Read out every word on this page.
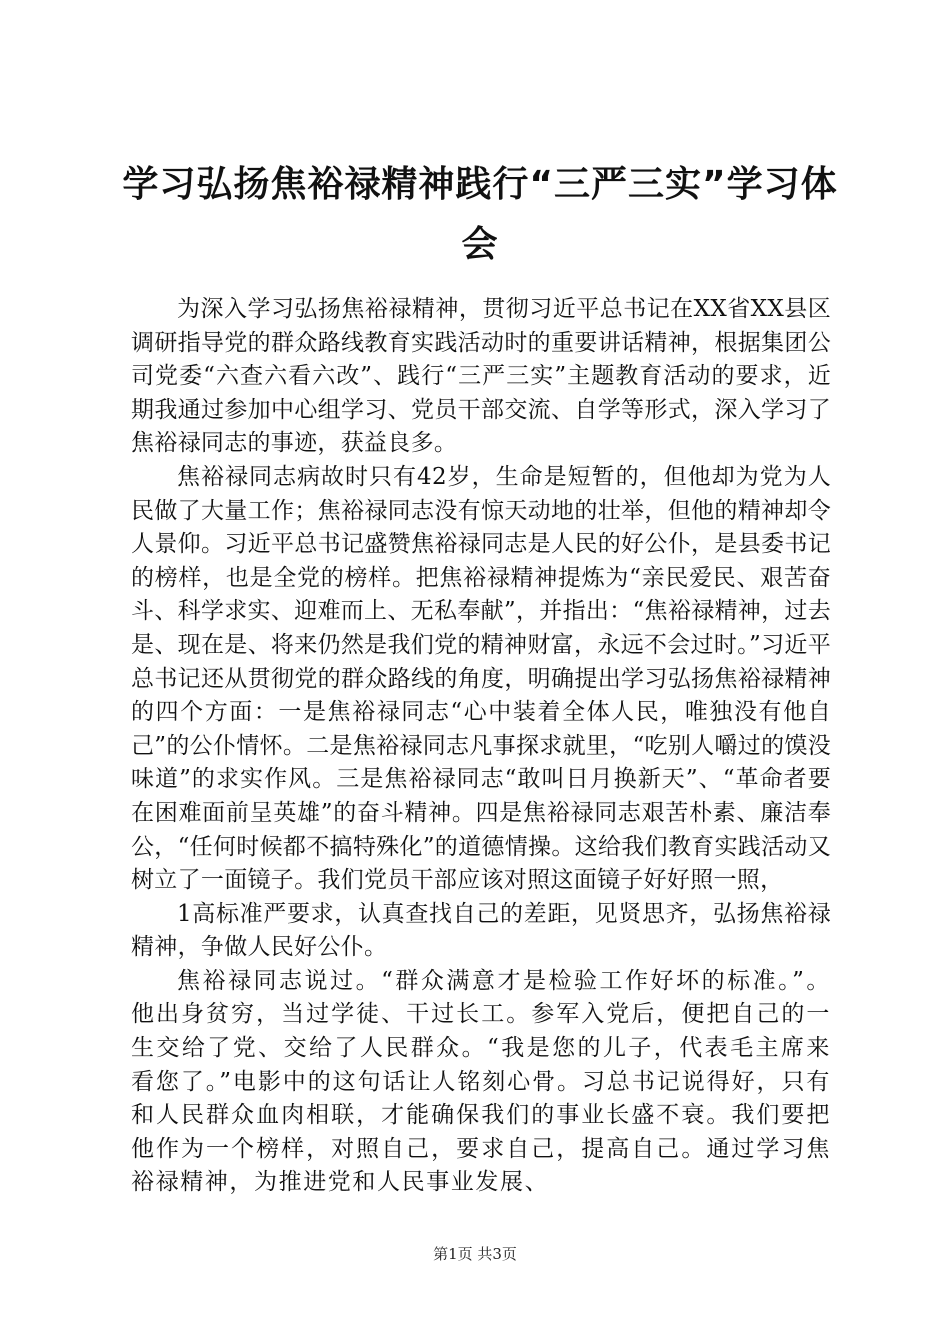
学习弘扬焦裕禄精神践行“三严三实”学习体会

为深入学习弘扬焦裕禄精神，贯彻习近平总书记在XX省XX县区调研指导党的群众路线教育实践活动时的重要讲话精神，根据集团公司党委“六查六看六改”、践行“三严三实”主题教育活动的要求，近期我通过参加中心组学习、党员干部交流、自学等形式，深入学习了焦裕禄同志的事迹，获益良多。

焦裕禄同志病故时只有42岁，生命是短暂的，但他却为党为人民做了大量工作；焦裕禄同志没有惊天动地的壮举，但他的精神却令人景仰。习近平总书记盛赞焦裕禄同志是人民的好公仆，是县委书记的榜样，也是全党的榜样。把焦裕禄精神提炼为“亲民爱民、艰苦奋斗、科学求实、迎难而上、无私奉献”，并指出：“焦裕禄精神，过去是、现在是、将来仍然是我们党的精神财富，永远不会过时。”习近平总书记还从贯彻党的群众路线的角度，明确提出学习弘扬焦裕禄精神的四个方面：一是焦裕禄同志“心中装着全体人民，唯独没有他自己”的公仆情怀。二是焦裕禄同志凡事探求就里，“吃别人嚼过的馍没味道”的求实作风。三是焦裕禄同志“敢叫日月换新天”、“革命者要在困难面前呈英雄”的奋斗精神。四是焦裕禄同志艰苦朴素、廉洁奉公，“任何时候都不搞特殊化”的道德情操。这给我们教育实践活动又树立了一面镜子。我们党员干部应该对照这面镜子好好照一照，

1高标准严要求，认真查找自己的差距，见贤思齐，弘扬焦裕禄精神，争做人民好公仆。

焦裕禄同志说过。“群众满意才是检验工作好坏的标准。”。他出身贫穷，当过学徒、干过长工。参军入党后，便把自己的一生交给了党、交给了人民群众。“我是您的儿子，代表毛主席来看您了。”电影中的这句话让人铭刻心骨。习总书记说得好，只有和人民群众血肉相联，才能确保我们的事业长盛不衰。我们要把他作为一个榜样，对照自己，要求自己，提高自己。通过学习焦裕禄精神，为推进党和人民事业发展、

第1页 共3页
